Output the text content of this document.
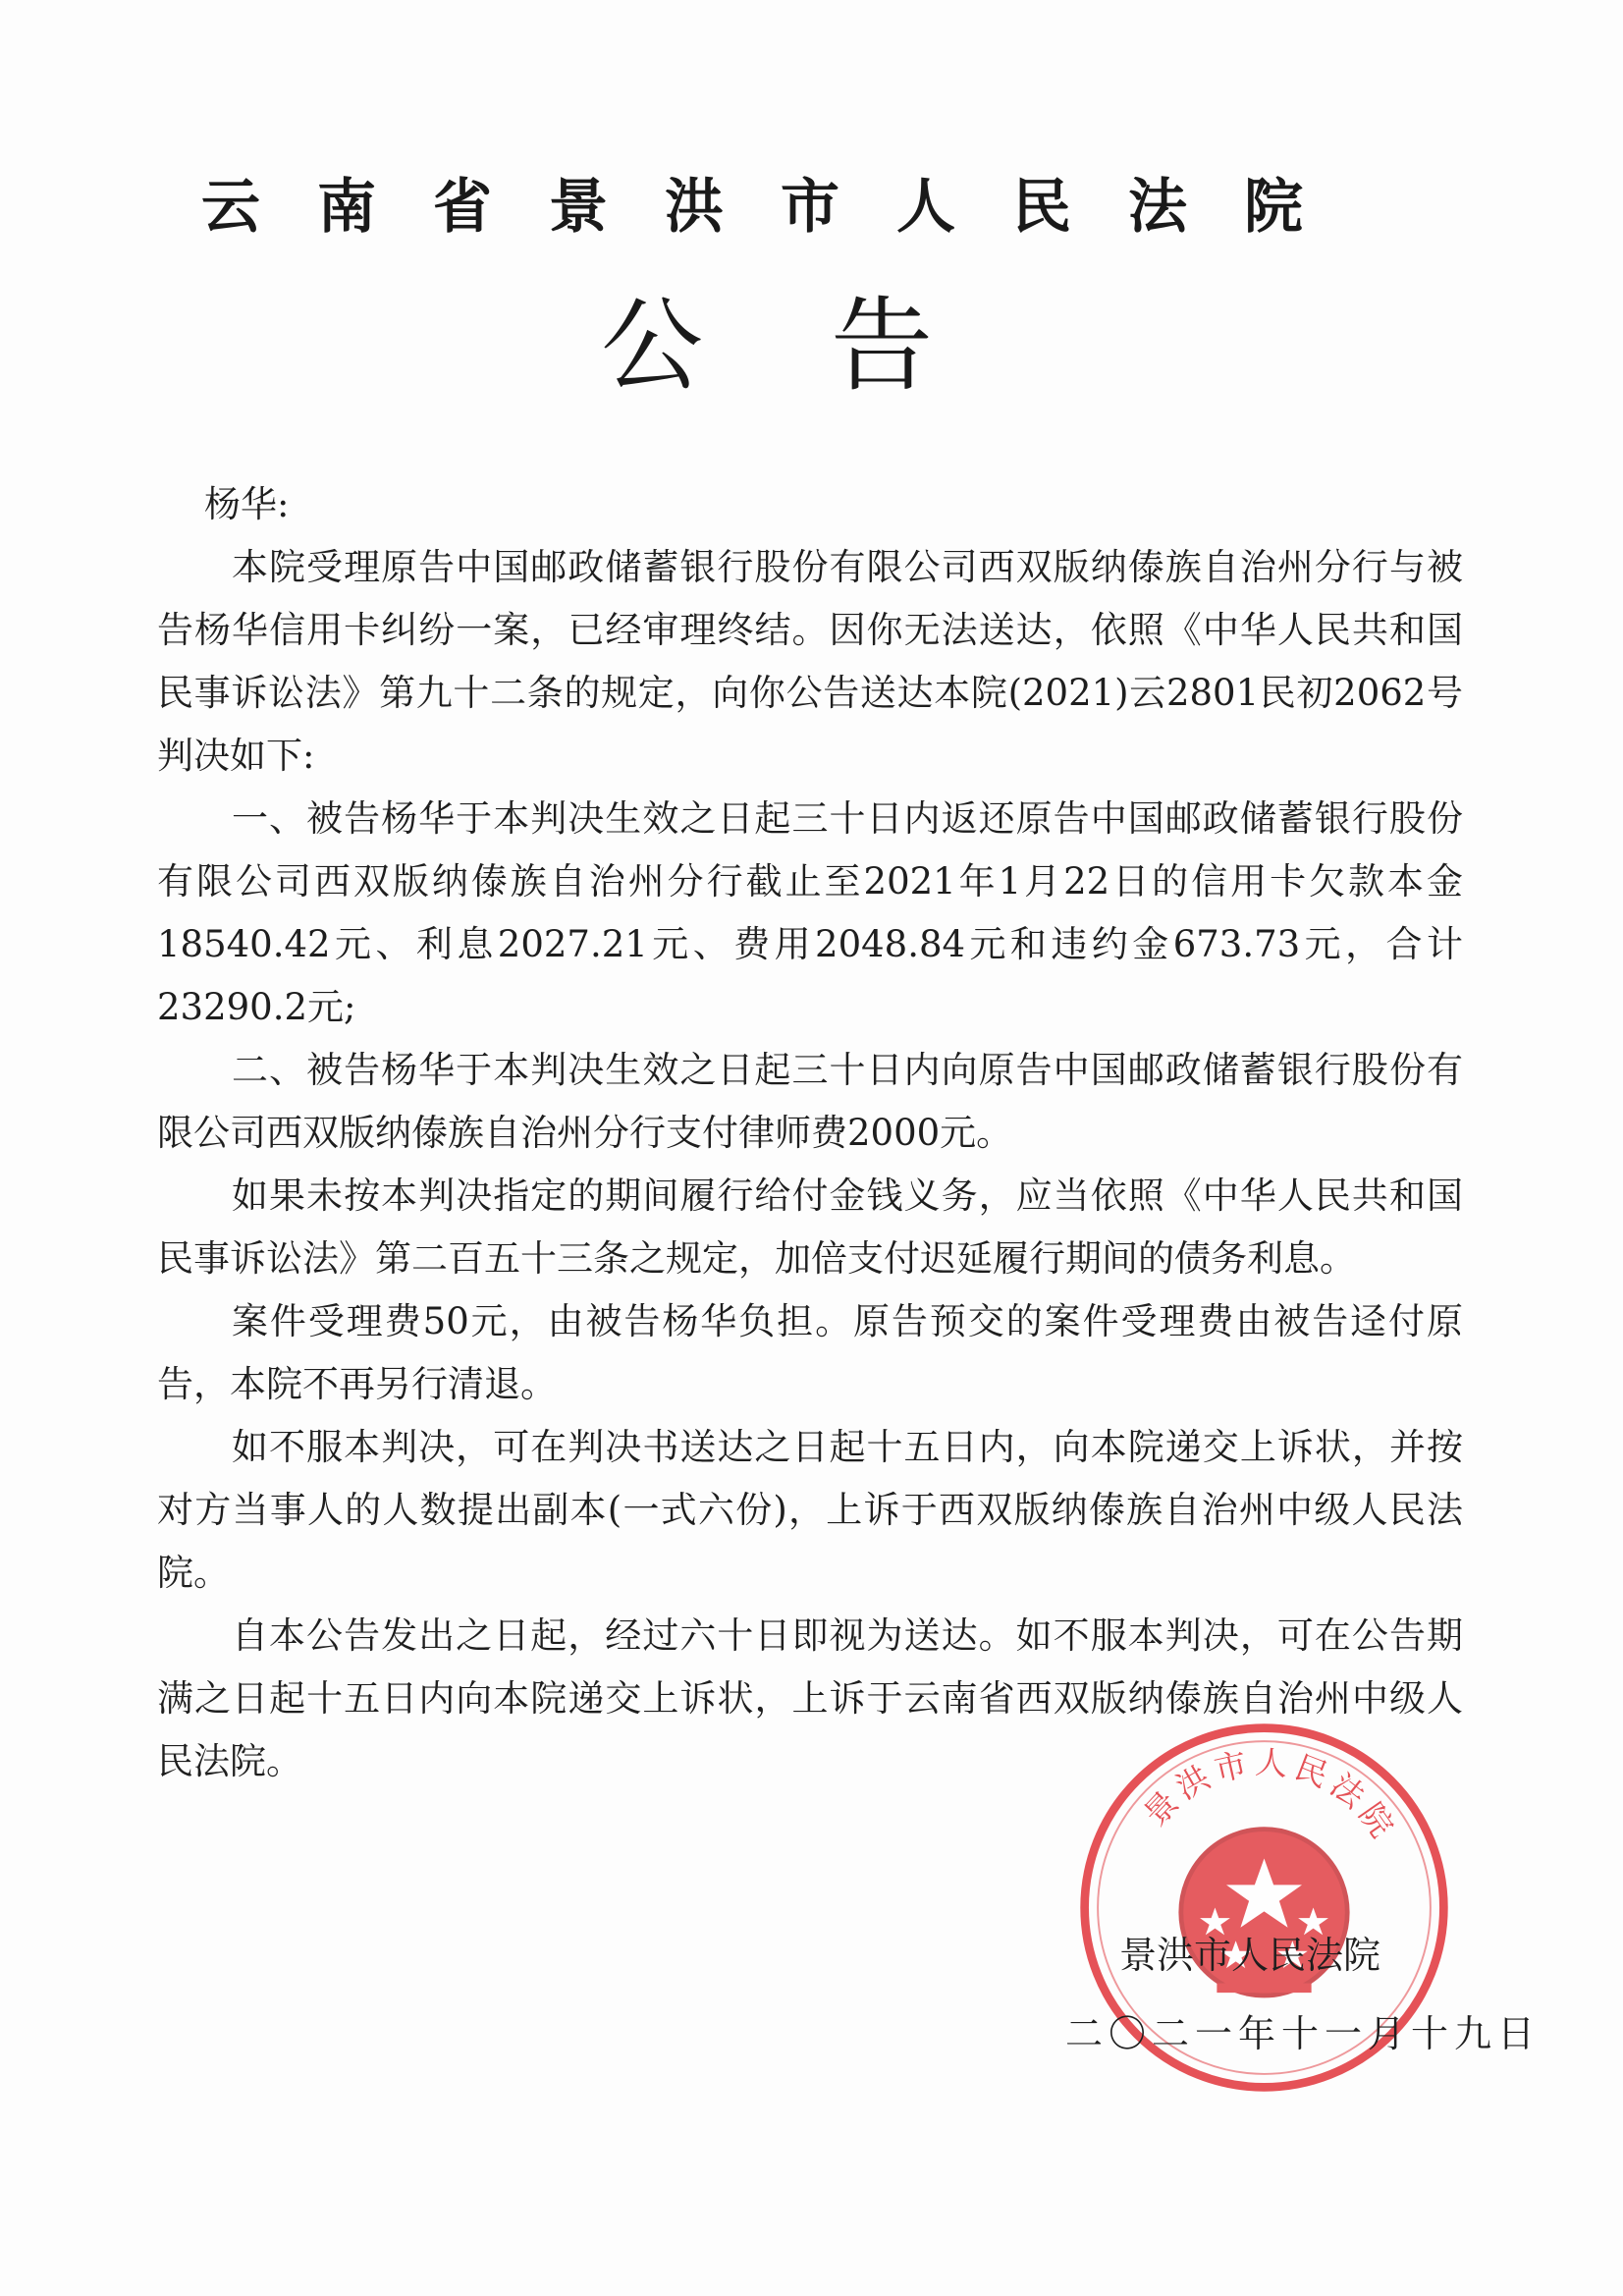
云南省景洪市人民法院
公告

杨华:

本院受理原告中国邮政储蓄银行股份有限公司西双版纳傣族自治州分行与被告杨华信用卡纠纷一案，已经审理终结。因你无法送达，依照《中华人民共和国民事诉讼法》第九十二条的规定，向你公告送达本院(2021)云2801民初2062号判决如下:

一、被告杨华于本判决生效之日起三十日内返还原告中国邮政储蓄银行股份有限公司西双版纳傣族自治州分行截止至2021年1月22日的信用卡欠款本金18540.42元、利息2027.21元、费用2048.84元和违约金673.73元，合计23290.2元;

二、被告杨华于本判决生效之日起三十日内向原告中国邮政储蓄银行股份有限公司西双版纳傣族自治州分行支付律师费2000元。

如果未按本判决指定的期间履行给付金钱义务，应当依照《中华人民共和国民事诉讼法》第二百五十三条之规定，加倍支付迟延履行期间的债务利息。

案件受理费50元，由被告杨华负担。原告预交的案件受理费由被告迳付原告，本院不再另行清退。

如不服本判决，可在判决书送达之日起十五日内，向本院递交上诉状，并按对方当事人的人数提出副本(一式六份)，上诉于西双版纳傣族自治州中级人民法院。

自本公告发出之日起，经过六十日即视为送达。如不服本判决，可在公告期满之日起十五日内向本院递交上诉状，上诉于云南省西双版纳傣族自治州中级人民法院。

景洪市人民法院
景洪市人民法院
二〇二一年十一月十九日
